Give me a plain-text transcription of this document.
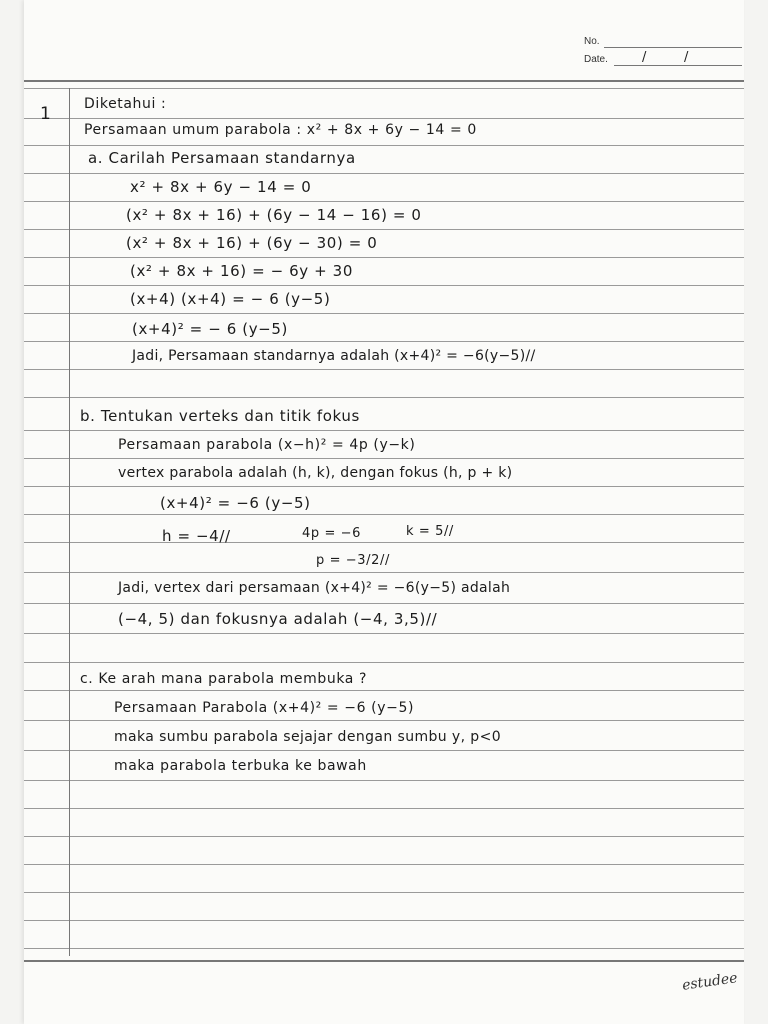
No.
Date.	/	/
1 Diketahui :
Persamaan umum parabola : x² + 8x + 6y − 14 = 0
a. Carilah Persamaan standarnya
x² + 8x + 6y − 14 = 0
(x² + 8x + 16) + (6y − 14 − 16) = 0
(x² + 8x + 16) + (6y − 30) = 0
(x² + 8x + 16) = − 6y + 30
(x+4) (x+4) = − 6 (y−5)
(x+4)² = − 6 (y−5)
Jadi, Persamaan standarnya adalah (x+4)² = −6(y−5)//
b. Tentukan verteks dan titik fokus
Persamaan parabola (x−h)² = 4p (y−k)
vertex parabola adalah (h, k), dengan fokus (h, p + k)
(x+4)² = −6 (y−5)
h = −4//	4p = −6	k = 5//
p = −3/2//
Jadi, vertex dari persamaan (x+4)² = −6(y−5) adalah
(−4, 5) dan fokusnya adalah (−4, 3,5)//
c. Ke arah mana parabola membuka ?
Persamaan Parabola (x+4)² = −6 (y−5)
maka sumbu parabola sejajar dengan sumbu y, p<0
maka parabola terbuka ke bawah
estudee
